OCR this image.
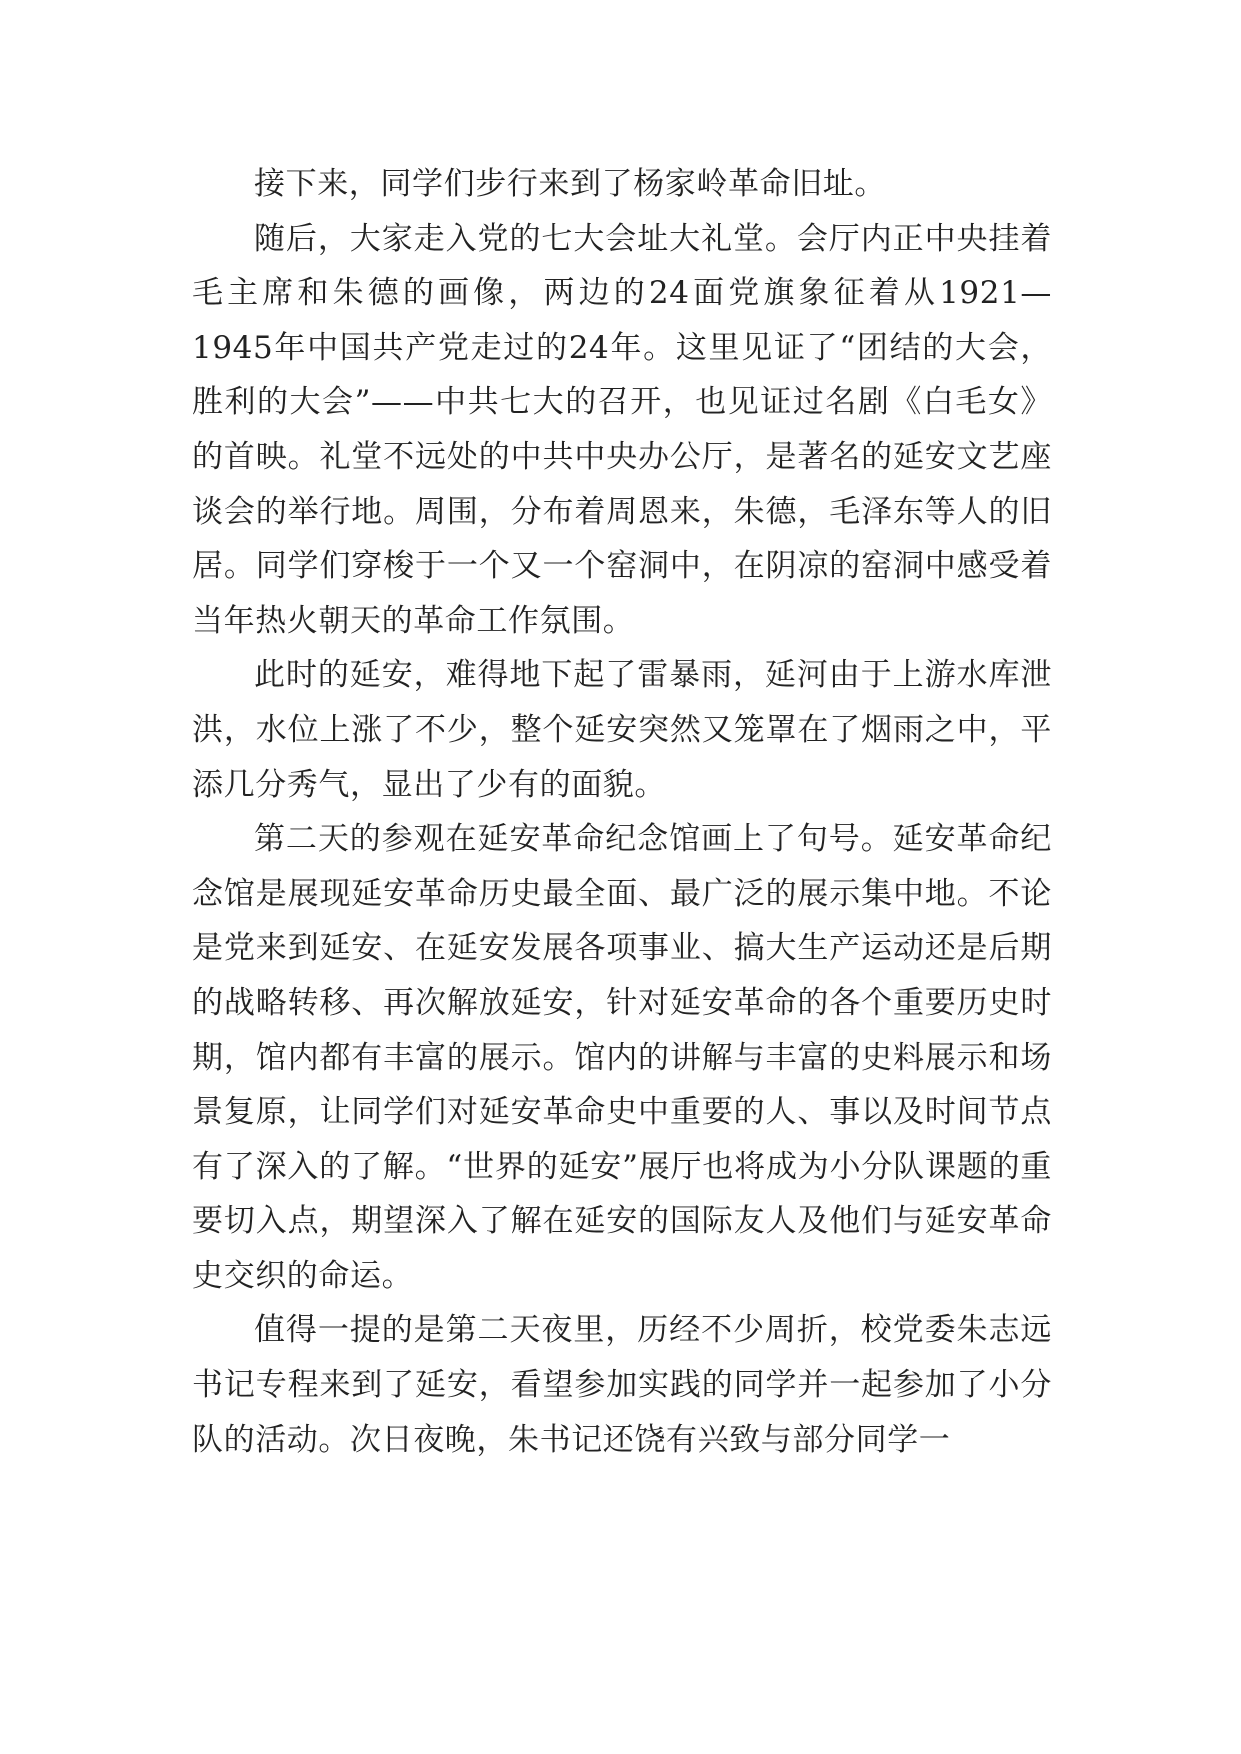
接下来，同学们步行来到了杨家岭革命旧址。

随后，大家走入党的七大会址大礼堂。会厅内正中央挂着毛主席和朱德的画像，两边的24面党旗象征着从1921—1945年中国共产党走过的24年。这里见证了“团结的大会，胜利的大会”——中共七大的召开，也见证过名剧《白毛女》的首映。礼堂不远处的中共中央办公厅，是著名的延安文艺座谈会的举行地。周围，分布着周恩来，朱德，毛泽东等人的旧居。同学们穿梭于一个又一个窑洞中，在阴凉的窑洞中感受着当年热火朝天的革命工作氛围。

此时的延安，难得地下起了雷暴雨，延河由于上游水库泄洪，水位上涨了不少，整个延安突然又笼罩在了烟雨之中，平添几分秀气，显出了少有的面貌。

第二天的参观在延安革命纪念馆画上了句号。延安革命纪念馆是展现延安革命历史最全面、最广泛的展示集中地。不论是党来到延安、在延安发展各项事业、搞大生产运动还是后期的战略转移、再次解放延安，针对延安革命的各个重要历史时期，馆内都有丰富的展示。馆内的讲解与丰富的史料展示和场景复原，让同学们对延安革命史中重要的人、事以及时间节点有了深入的了解。“世界的延安”展厅也将成为小分队课题的重要切入点，期望深入了解在延安的国际友人及他们与延安革命史交织的命运。

值得一提的是第二天夜里，历经不少周折，校党委朱志远书记专程来到了延安，看望参加实践的同学并一起参加了小分队的活动。次日夜晚，朱书记还饶有兴致与部分同学一
